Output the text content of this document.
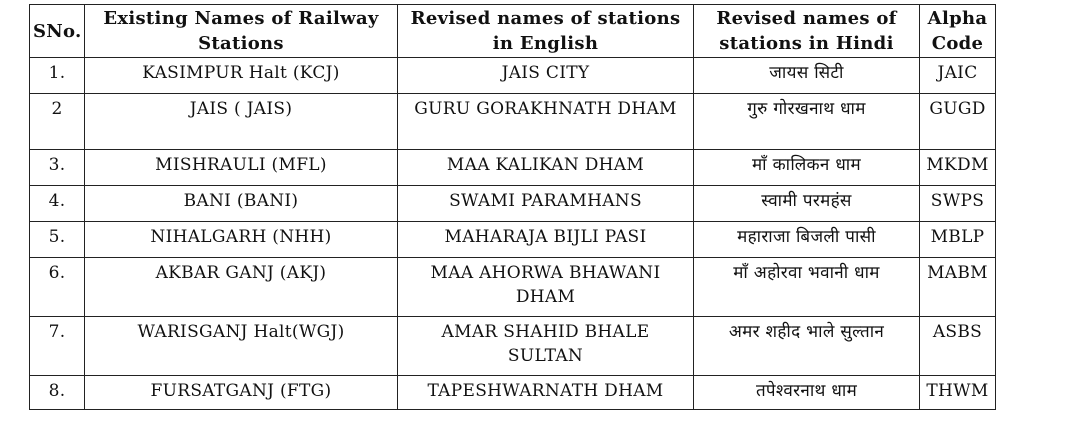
SNo.	Existing Names of Railway Stations	Revised names of stations in English	Revised names of stations in Hindi	Alpha Code
1.	KASIMPUR Halt (KCJ)	JAIS CITY	जायस सिटी	JAIC
2	JAIS ( JAIS)	GURU GORAKHNATH DHAM	गुरु गोरखनाथ धाम	GUGD
3.	MISHRAULI (MFL)	MAA KALIKAN DHAM	माँ कालिकन धाम	MKDM
4.	BANI (BANI)	SWAMI PARAMHANS	स्वामी परमहंस	SWPS
5.	NIHALGARH (NHH)	MAHARAJA BIJLI PASI	महाराजा बिजली पासी	MBLP
6.	AKBAR GANJ (AKJ)	MAA AHORWA BHAWANI DHAM	माँ अहोरवा भवानी धाम	MABM
7.	WARISGANJ Halt(WGJ)	AMAR SHAHID BHALE SULTAN	अमर शहीद भाले सुल्तान	ASBS
8.	FURSATGANJ (FTG)	TAPESHWARNATH DHAM	तपेश्वरनाथ धाम	THWM
